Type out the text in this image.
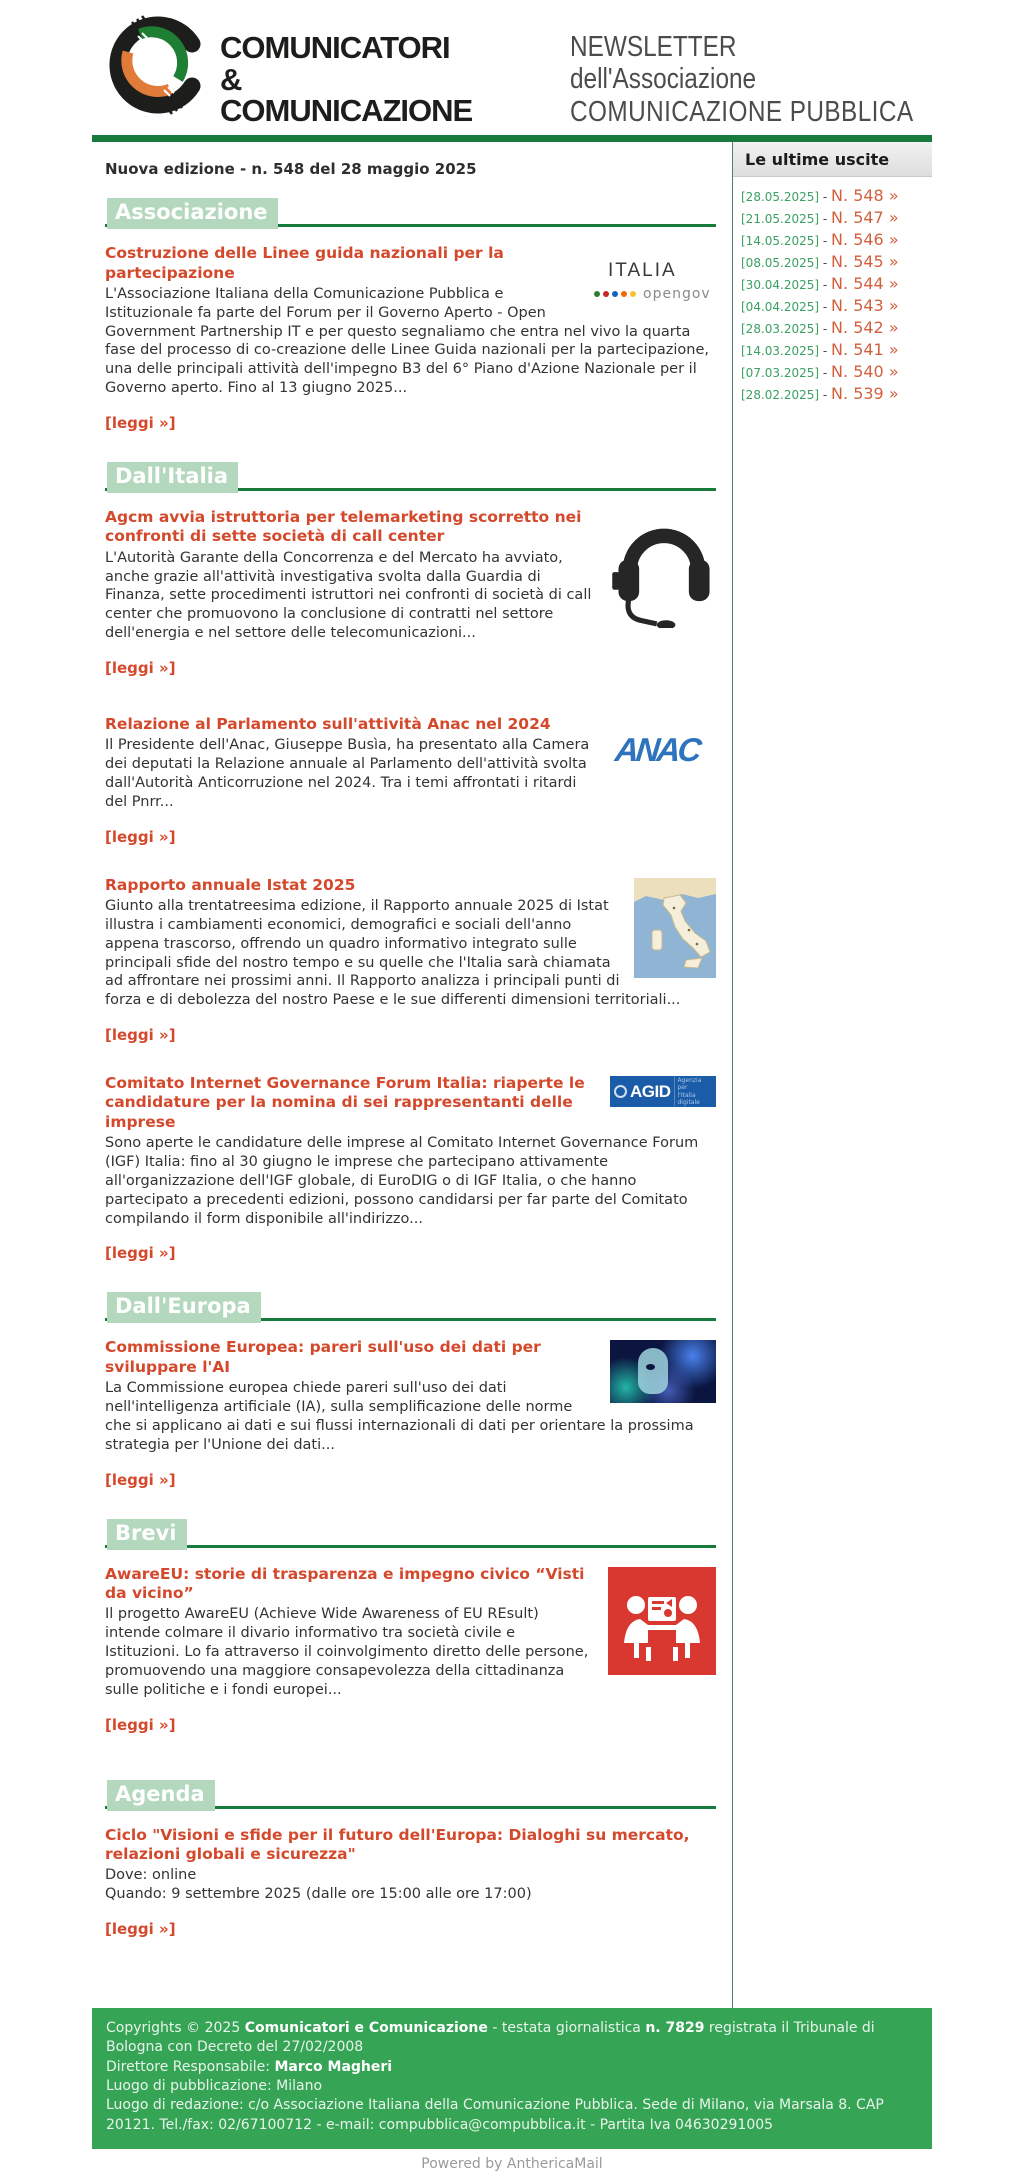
COMUNICATORI
& COMUNICAZIONE
NEWSLETTER dell'Associazione
COMUNICAZIONE PUBBLICA
Nuova edizione - n. 548 del 28 maggio 2025
Associazione
ITALIA
opengov
Costruzione delle Linee guida nazionali per la partecipazione

L'Associazione Italiana della Comunicazione Pubblica e Istituzionale fa parte del Forum per il Governo Aperto - Open Government Partnership IT e per questo segnaliamo che entra nel vivo la quarta fase del processo di co-creazione delle Linee Guida nazionali per la partecipazione, una delle principali attività dell'impegno B3 del 6° Piano d'Azione Nazionale per il Governo aperto. Fino al 13 giugno 2025...

[leggi »]
Dall'Italia
Agcm avvia istruttoria per telemarketing scorretto nei confronti di sette società di call center

L'Autorità Garante della Concorrenza e del Mercato ha avviato, anche grazie all'attività investigativa svolta dalla Guardia di Finanza, sette procedimenti istruttori nei confronti di società di call center che promuovono la conclusione di contratti nel settore dell'energia e nel settore delle telecomunicazioni...

[leggi »]
ANAC
Relazione al Parlamento sull'attività Anac nel 2024

Il Presidente dell'Anac, Giuseppe Busìa, ha presentato alla Camera dei deputati la Relazione annuale al Parlamento dell'attività svolta dall'Autorità Anticorruzione nel 2024. Tra i temi affrontati i ritardi del Pnrr...

[leggi »]
Rapporto annuale Istat 2025

Giunto alla trentatreesima edizione, il Rapporto annuale 2025 di Istat illustra i cambiamenti economici, demografici e sociali dell'anno appena trascorso, offrendo un quadro informativo integrato sulle principali sfide del nostro tempo e su quelle che l'Italia sarà chiamata ad affrontare nei prossimi anni. Il Rapporto analizza i principali punti di forza e di debolezza del nostro Paese e le sue differenti dimensioni territoriali...

[leggi »]
AGID
Agenzia per
l'Italia digitale
Comitato Internet Governance Forum Italia: riaperte le candidature per la nomina di sei rappresentanti delle imprese

Sono aperte le candidature delle imprese al Comitato Internet Governance Forum (IGF) Italia: fino al 30 giugno le imprese che partecipano attivamente all'organizzazione dell'IGF globale, di EuroDIG o di IGF Italia, o che hanno partecipato a precedenti edizioni, possono candidarsi per far parte del Comitato compilando il form disponibile all'indirizzo...

[leggi »]
Dall'Europa
Commissione Europea: pareri sull'uso dei dati per sviluppare l'AI

La Commissione europea chiede pareri sull'uso dei dati nell'intelligenza artificiale (IA), sulla semplificazione delle norme che si applicano ai dati e sui flussi internazionali di dati per orientare la prossima strategia per l'Unione dei dati...

[leggi »]
Brevi
AwareEU: storie di trasparenza e impegno civico “Visti da vicino”

Il progetto AwareEU (Achieve Wide Awareness of EU REsult) intende colmare il divario informativo tra società civile e Istituzioni. Lo fa attraverso il coinvolgimento diretto delle persone, promuovendo una maggiore consapevolezza della cittadinanza sulle politiche e i fondi europei...

[leggi »]
Agenda
Ciclo "Visioni e sfide per il futuro dell'Europa: Dialoghi su mercato, relazioni globali e sicurezza"
Dove: online
Quando: 9 settembre 2025 (dalle ore 15:00 alle ore 17:00)
[leggi »]
Le ultime uscite
[28.05.2025] - N. 548 »
[21.05.2025] - N. 547 »
[14.05.2025] - N. 546 »
[08.05.2025] - N. 545 »
[30.04.2025] - N. 544 »
[04.04.2025] - N. 543 »
[28.03.2025] - N. 542 »
[14.03.2025] - N. 541 »
[07.03.2025] - N. 540 »
[28.02.2025] - N. 539 »
Copyrights © 2025 Comunicatori e Comunicazione - testata giornalistica n. 7829 registrata il Tribunale di Bologna con Decreto del 27/02/2008
Direttore Responsabile: Marco Magheri
Luogo di pubblicazione: Milano
Luogo di redazione: c/o Associazione Italiana della Comunicazione Pubblica. Sede di Milano, via Marsala 8. CAP 20121. Tel./fax: 02/67100712 - e-mail: compubblica@compubblica.it - Partita Iva 04630291005
Powered by AnthericaMail
